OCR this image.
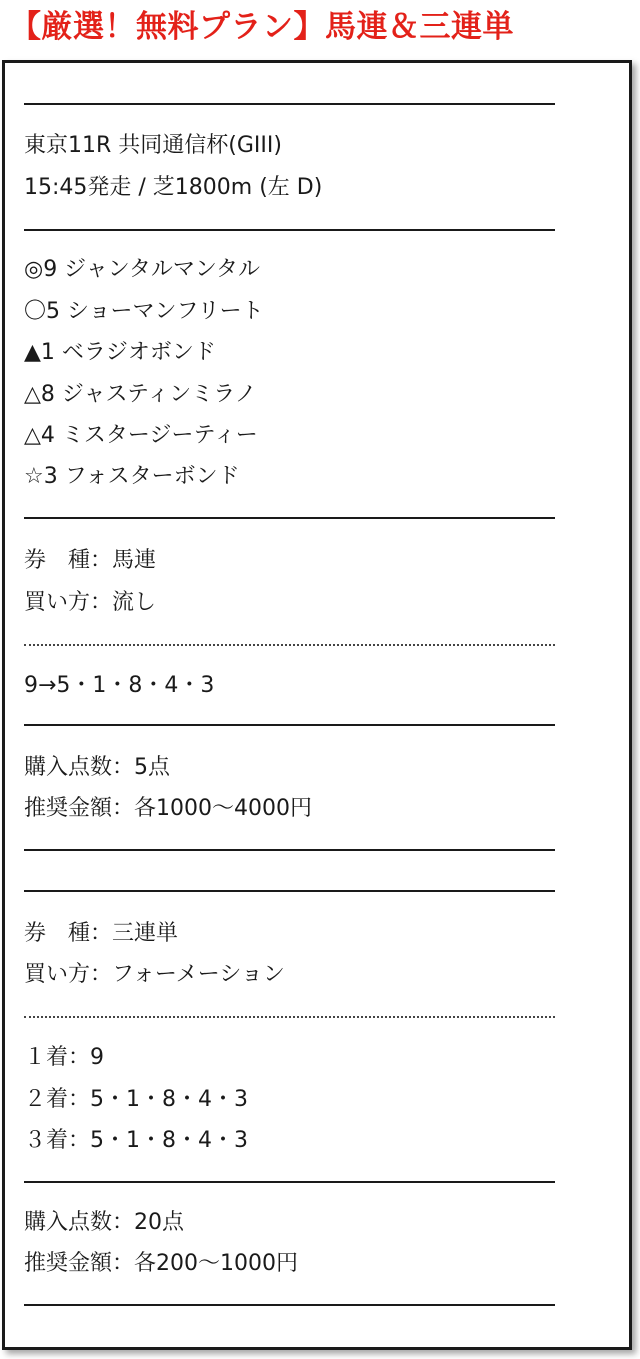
【厳選！無料プラン】馬連＆三連単
東京11R 共同通信杯(GIII)
15:45発走 / 芝1800m (左 D)
◎9 ジャンタルマンタル
〇5 ショーマンフリート
▲1 ベラジオボンド
△8 ジャスティンミラノ
△4 ミスタージーティー
☆3 フォスターボンド
券　種：馬連
買い方：流し
9→5・1・8・4・3
購入点数：5点
推奨金額：各1000～4000円
券　種：三連単
買い方：フォーメーション
１着：9
２着：5・1・8・4・3
３着：5・1・8・4・3
購入点数：20点
推奨金額：各200～1000円
